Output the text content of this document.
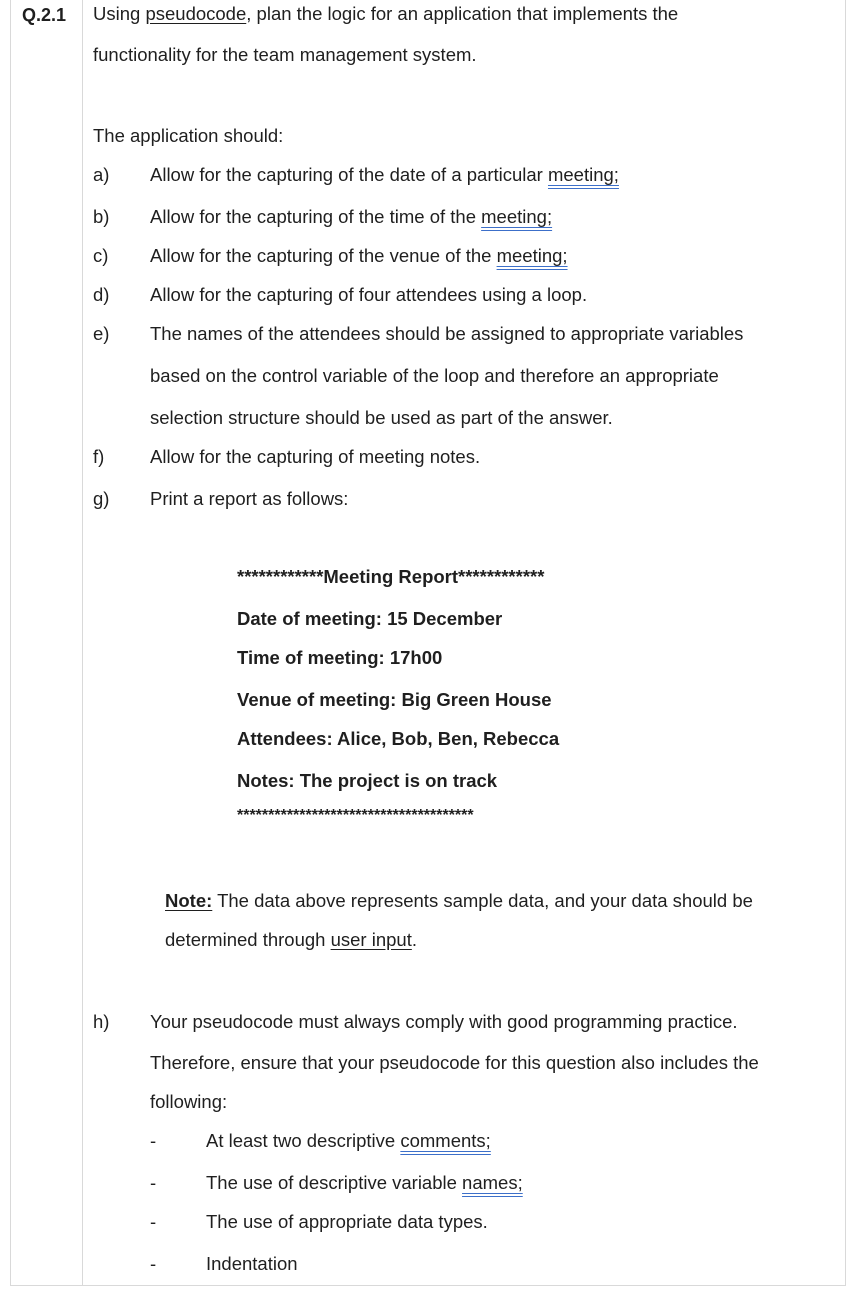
Q.2.1 Using pseudocode, plan the logic for an application that implements the
functionality for the team management system.
The application should:
a) Allow for the capturing of the date of a particular meeting;
b) Allow for the capturing of the time of the meeting;
c) Allow for the capturing of the venue of the meeting;
d) Allow for the capturing of four attendees using a loop.
e) The names of the attendees should be assigned to appropriate variables
based on the control variable of the loop and therefore an appropriate
selection structure should be used as part of the answer.
f) Allow for the capturing of meeting notes.
g) Print a report as follows:
************Meeting Report************
Date of meeting: 15 December
Time of meeting: 17h00
Venue of meeting: Big Green House
Attendees: Alice, Bob, Ben, Rebecca
Notes: The project is on track
**************************************
Note: The data above represents sample data, and your data should be
determined through user input.
h) Your pseudocode must always comply with good programming practice.
Therefore, ensure that your pseudocode for this question also includes the
following:
-	At least two descriptive comments;
-	The use of descriptive variable names;
-	The use of appropriate data types.
-	Indentation
